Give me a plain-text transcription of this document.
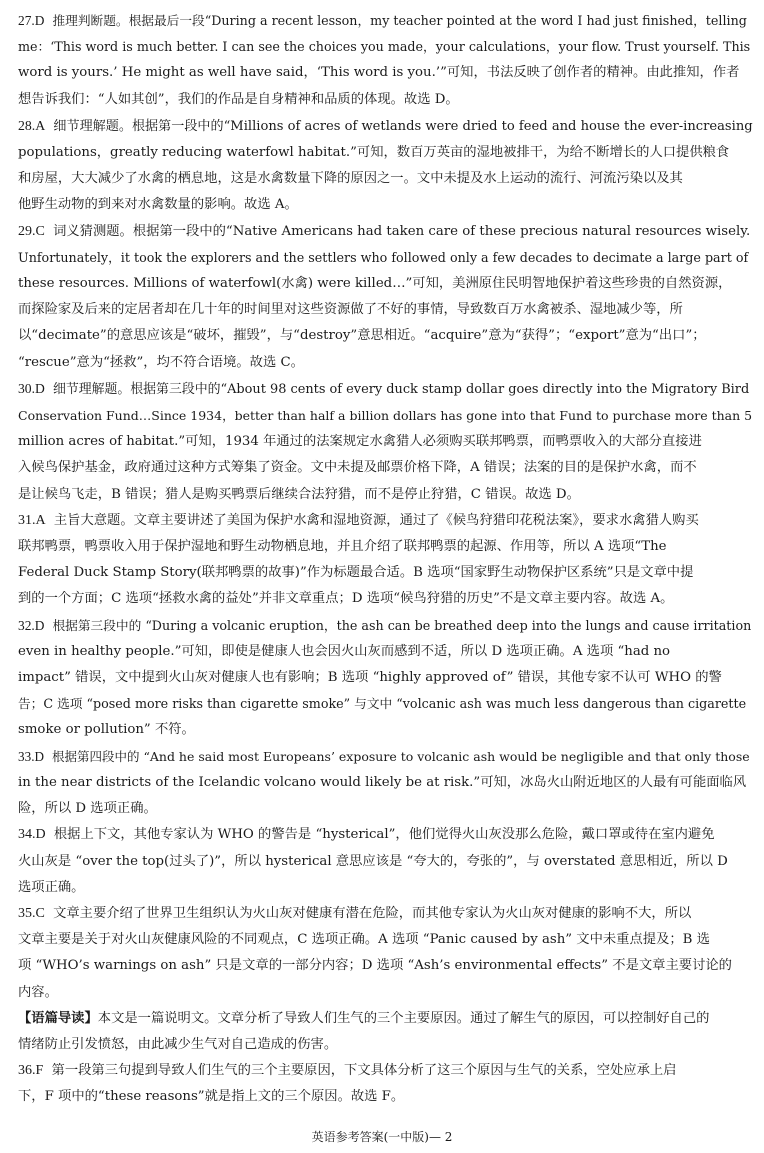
27.D 推理判断题。根据最后一段“During a recent lesson，my teacher pointed at the word I had just finished，telling
me：‘This word is much better. I can see the choices you made，your calculations，your flow. Trust yourself. This
word is yours.’ He might as well have said，‘This word is you.’”可知，书法反映了创作者的精神。由此推知，作者
想告诉我们：“人如其创”，我们的作品是自身精神和品质的体现。故选 D。
28.A 细节理解题。根据第一段中的“Millions of acres of wetlands were dried to feed and house the ever-increasing
populations，greatly reducing waterfowl habitat.”可知，数百万英亩的湿地被排干，为给不断增长的人口提供粮食
和房屋，大大减少了水禽的栖息地，这是水禽数量下降的原因之一。文中未提及水上运动的流行、河流污染以及其
他野生动物的到来对水禽数量的影响。故选 A。
29.C 词义猜测题。根据第一段中的“Native Americans had taken care of these precious natural resources wisely.
Unfortunately，it took the explorers and the settlers who followed only a few decades to decimate a large part of
these resources. Millions of waterfowl(水禽) were killed…”可知，美洲原住民明智地保护着这些珍贵的自然资源，
而探险家及后来的定居者却在几十年的时间里对这些资源做了不好的事情，导致数百万水禽被杀、湿地减少等，所
以“decimate”的意思应该是“破坏，摧毁”，与“destroy”意思相近。“acquire”意为“获得”；“export”意为“出口”；
“rescue”意为“拯救”，均不符合语境。故选 C。
30.D 细节理解题。根据第三段中的“About 98 cents of every duck stamp dollar goes directly into the Migratory Bird
Conservation Fund…Since 1934，better than half a billion dollars has gone into that Fund to purchase more than 5
million acres of habitat.”可知，1934 年通过的法案规定水禽猎人必须购买联邦鸭票，而鸭票收入的大部分直接进
入候鸟保护基金，政府通过这种方式筹集了资金。文中未提及邮票价格下降，A 错误；法案的目的是保护水禽，而不
是让候鸟飞走，B 错误；猎人是购买鸭票后继续合法狩猎，而不是停止狩猎，C 错误。故选 D。
31.A 主旨大意题。文章主要讲述了美国为保护水禽和湿地资源，通过了《候鸟狩猎印花税法案》，要求水禽猎人购买
联邦鸭票，鸭票收入用于保护湿地和野生动物栖息地，并且介绍了联邦鸭票的起源、作用等，所以 A 选项“The
Federal Duck Stamp Story(联邦鸭票的故事)”作为标题最合适。B 选项“国家野生动物保护区系统”只是文章中提
到的一个方面；C 选项“拯救水禽的益处”并非文章重点；D 选项“候鸟狩猎的历史”不是文章主要内容。故选 A。
32.D 根据第三段中的 “During a volcanic eruption，the ash can be breathed deep into the lungs and cause irritation
even in healthy people.”可知，即使是健康人也会因火山灰而感到不适，所以 D 选项正确。A 选项 “had no
impact” 错误，文中提到火山灰对健康人也有影响；B 选项 “highly approved of” 错误，其他专家不认可 WHO 的警
告；C 选项 “posed more risks than cigarette smoke” 与文中 “volcanic ash was much less dangerous than cigarette
smoke or pollution” 不符。
33.D 根据第四段中的 “And he said most Europeans’ exposure to volcanic ash would be negligible and that only those
in the near districts of the Icelandic volcano would likely be at risk.”可知，冰岛火山附近地区的人最有可能面临风
险，所以 D 选项正确。
34.D 根据上下文，其他专家认为 WHO 的警告是 “hysterical”，他们觉得火山灰没那么危险，戴口罩或待在室内避免
火山灰是 “over the top(过头了)”，所以 hysterical 意思应该是 “夸大的，夸张的”，与 overstated 意思相近，所以 D
选项正确。
35.C 文章主要介绍了世界卫生组织认为火山灰对健康有潜在危险，而其他专家认为火山灰对健康的影响不大，所以
文章主要是关于对火山灰健康风险的不同观点，C 选项正确。A 选项 “Panic caused by ash” 文中未重点提及；B 选
项 “WHO’s warnings on ash” 只是文章的一部分内容；D 选项 “Ash’s environmental effects” 不是文章主要讨论的
内容。
【语篇导读】本文是一篇说明文。文章分析了导致人们生气的三个主要原因。通过了解生气的原因，可以控制好自己的
情绪防止引发愤怒，由此减少生气对自己造成的伤害。
36.F 第一段第三句提到导致人们生气的三个主要原因，下文具体分析了这三个原因与生气的关系，空处应承上启
下，F 项中的“these reasons”就是指上文的三个原因。故选 F。
英语参考答案(一中版)— 2
